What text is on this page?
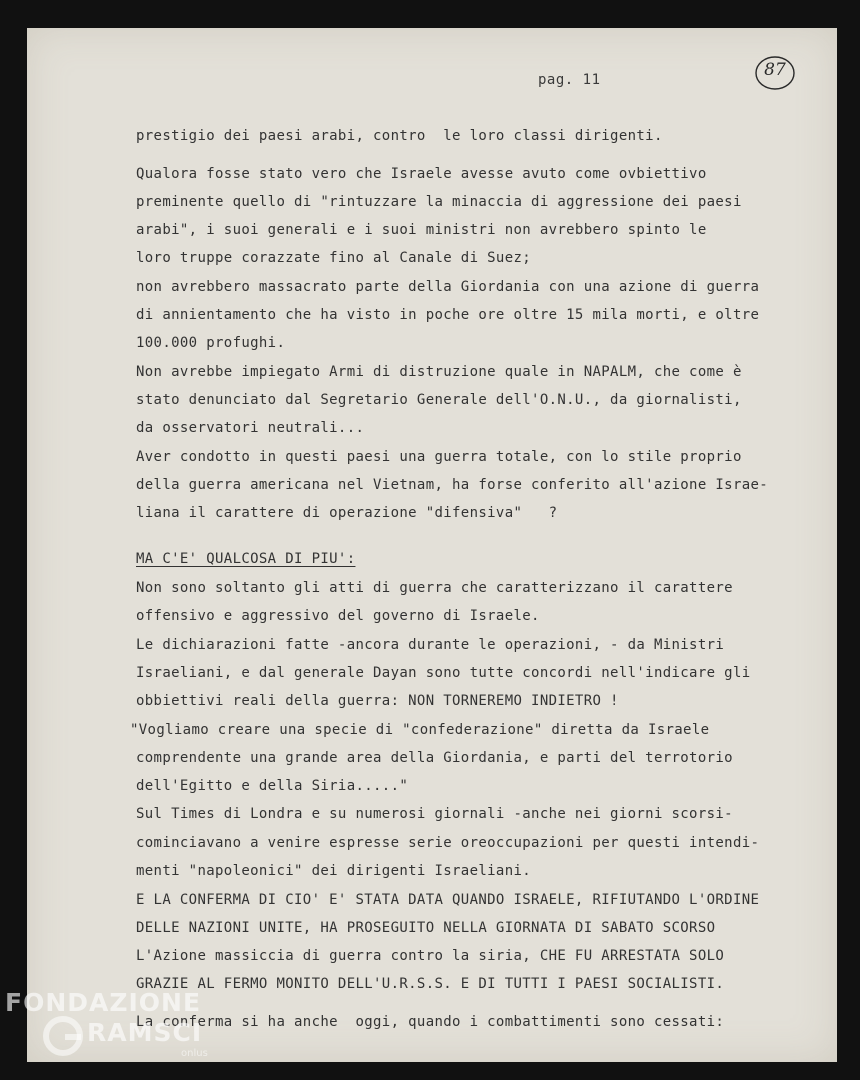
pag. 11	87
prestigio dei paesi arabi, contro  le loro classi dirigenti.
Qualora fosse stato vero che Israele avesse avuto come ovbiettivo
preminente quello di "rintuzzare la minaccia di aggressione dei paesi
arabi", i suoi generali e i suoi ministri non avrebbero spinto le
loro truppe corazzate fino al Canale di Suez;
non avrebbero massacrato parte della Giordania con una azione di guerra
di annientamento che ha visto in poche ore oltre 15 mila morti, e oltre
100.000 profughi.
Non avrebbe impiegato Armi di distruzione quale in NAPALM, che come è
stato denunciato dal Segretario Generale dell'O.N.U., da giornalisti,
da osservatori neutrali...
Aver condotto in questi paesi una guerra totale, con lo stile proprio
della guerra americana nel Vietnam, ha forse conferito all'azione Israe-
liana il carattere di operazione "difensiva"   ?
MA C'E' QUALCOSA DI PIU':
Non sono soltanto gli atti di guerra che caratterizzano il carattere
offensivo e aggressivo del governo di Israele.
Le dichiarazioni fatte -ancora durante le operazioni, - da Ministri
Israeliani, e dal generale Dayan sono tutte concordi nell'indicare gli
obbiettivi reali della guerra: NON TORNEREMO INDIETRO !
"Vogliamo creare una specie di "confederazione" diretta da Israele
comprendente una grande area della Giordania, e parti del terrotorio
dell'Egitto e della Siria....."
Sul Times di Londra e su numerosi giornali -anche nei giorni scorsi-
cominciavano a venire espresse serie oreoccupazioni per questi intendi-
menti "napoleonici" dei dirigenti Israeliani.
E LA CONFERMA DI CIO' E' STATA DATA QUANDO ISRAELE, RIFIUTANDO L'ORDINE
DELLE NAZIONI UNITE, HA PROSEGUITO NELLA GIORNATA DI SABATO SCORSO
L'Azione massiccia di guerra contro la siria, CHE FU ARRESTATA SOLO
GRAZIE AL FERMO MONITO DELL'U.R.S.S. E DI TUTTI I PAESI SOCIALISTI.
La conferma si ha anche  oggi, quando i combattimenti sono cessati:
FONDAZIONE
RAMSCI
onlus
